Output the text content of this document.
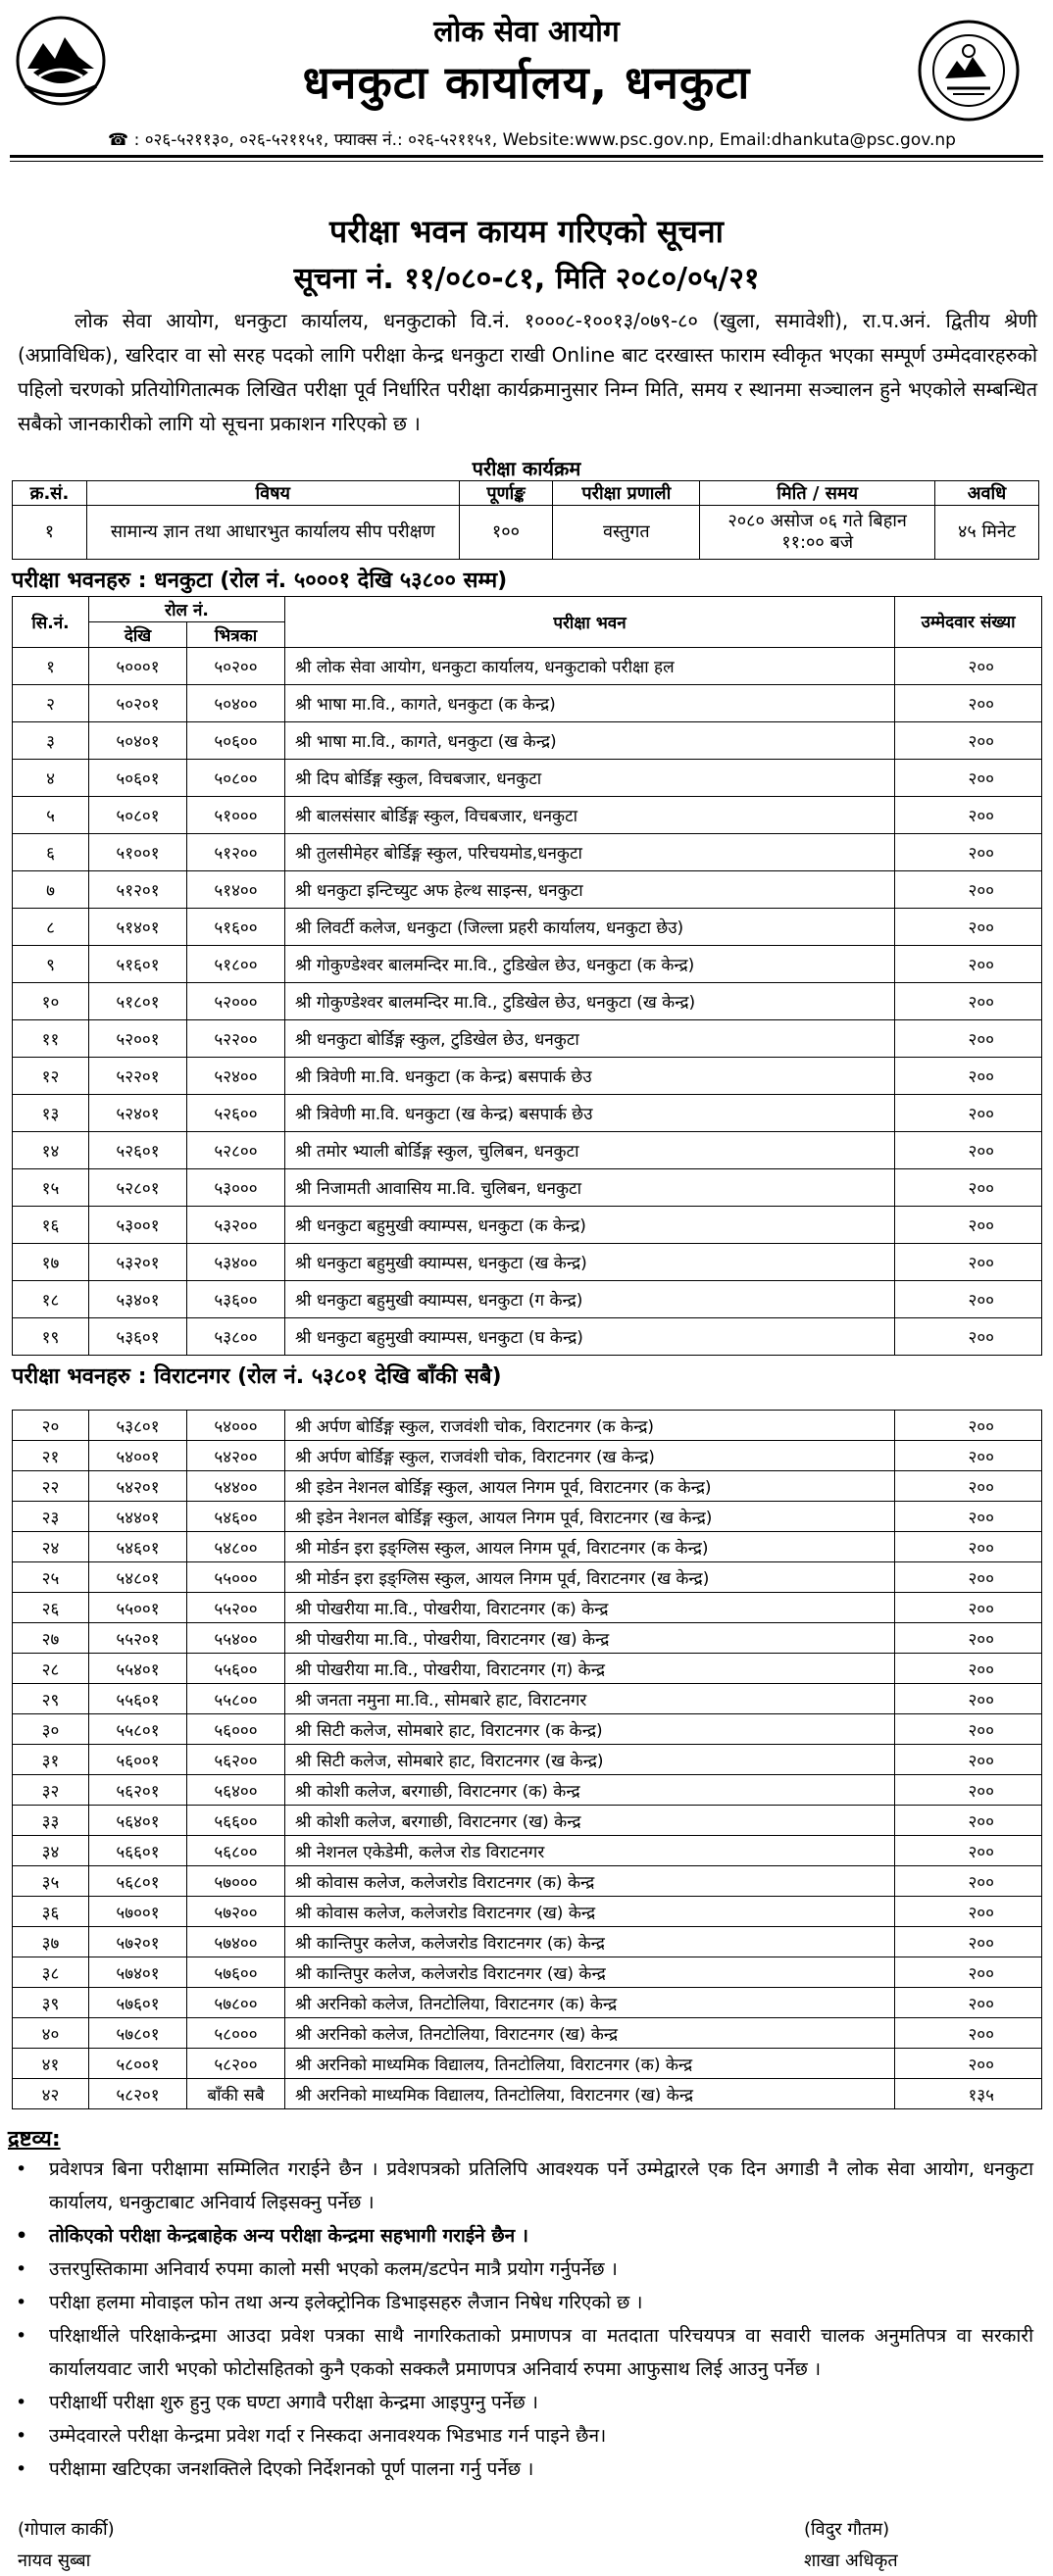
लोक सेवा आयोग
धनकुटा कार्यालय, धनकुटा
☎ : ०२६-५२११३०, ०२६-५२११५१, फ्याक्स नं.: ०२६-५२११५१, Website:www.psc.gov.np, Email:dhankuta@psc.gov.np
परीक्षा भवन कायम गरिएको सूचना
सूचना नं. ११/०८०-८१, मिति २०८०/०५/२१
लोक सेवा आयोग, धनकुटा कार्यालय, धनकुटाको वि.नं. १०००८-१००१३/०७९-८० (खुला, समावेशी), रा.प.अनं. द्वितीय श्रेणी (अप्राविधिक), खरिदार वा सो सरह पदको लागि परीक्षा केन्द्र धनकुटा राखी Online बाट दरखास्त फाराम स्वीकृत भएका सम्पूर्ण उम्मेदवारहरुको पहिलो चरणको प्रतियोगितात्मक लिखित परीक्षा पूर्व निर्धारित परीक्षा कार्यक्रमानुसार निम्न मिति, समय र स्थानमा सञ्चालन हुने भएकोले सम्बन्धित सबैको जानकारीको लागि यो सूचना प्रकाशन गरिएको छ ।
परीक्षा कार्यक्रम
क्र.सं.	विषय	पूर्णाङ्क	परीक्षा प्रणाली	मिति / समय	अवधि
१	सामान्य ज्ञान तथा आधारभुत कार्यालय सीप परीक्षण	१००	वस्तुगत	२०८० असोज ०६ गते बिहान ११:०० बजे	४५ मिनेट
परीक्षा भवनहरु : धनकुटा (रोल नं. ५०००१ देखि ५३८०० सम्म)
सि.नं.	रोल नं.		परीक्षा भवन	उम्मेदवार संख्या
	देखि	भित्रका		
१	५०००१	५०२००	श्री लोक सेवा आयोग, धनकुटा कार्यालय, धनकुटाको परीक्षा हल	२००
२	५०२०१	५०४००	श्री भाषा मा.वि., कागते, धनकुटा (क केन्द्र)	२००
३	५०४०१	५०६००	श्री भाषा मा.वि., कागते, धनकुटा (ख केन्द्र)	२००
४	५०६०१	५०८००	श्री दिप बोर्डिङ्ग स्कुल, विचबजार, धनकुटा	२००
५	५०८०१	५१०००	श्री बालसंसार बोर्डिङ्ग स्कुल, विचबजार, धनकुटा	२००
६	५१००१	५१२००	श्री तुलसीमेहर बोर्डिङ्ग स्कुल, परिचयमोड,धनकुटा	२००
७	५१२०१	५१४००	श्री धनकुटा इन्टिच्युट अफ हेल्थ साइन्स, धनकुटा	२००
८	५१४०१	५१६००	श्री लिवर्टी कलेज, धनकुटा (जिल्ला प्रहरी कार्यालय, धनकुटा छेउ)	२००
९	५१६०१	५१८००	श्री गोकुण्डेश्वर बालमन्दिर मा.वि., टुडिखेल छेउ, धनकुटा (क केन्द्र)	२००
१०	५१८०१	५२०००	श्री गोकुण्डेश्वर बालमन्दिर मा.वि., टुडिखेल छेउ, धनकुटा (ख केन्द्र)	२००
११	५२००१	५२२००	श्री धनकुटा बोर्डिङ्ग स्कुल, टुडिखेल छेउ, धनकुटा	२००
१२	५२२०१	५२४००	श्री त्रिवेणी मा.वि. धनकुटा (क केन्द्र) बसपार्क छेउ	२००
१३	५२४०१	५२६००	श्री त्रिवेणी मा.वि. धनकुटा (ख केन्द्र) बसपार्क छेउ	२००
१४	५२६०१	५२८००	श्री तमोर भ्याली बोर्डिङ्ग स्कुल, चुलिबन, धनकुटा	२००
१५	५२८०१	५३०००	श्री निजामती आवासिय मा.वि. चुलिबन, धनकुटा	२००
१६	५३००१	५३२००	श्री धनकुटा बहुमुखी क्याम्पस, धनकुटा (क केन्द्र)	२००
१७	५३२०१	५३४००	श्री धनकुटा बहुमुखी क्याम्पस, धनकुटा (ख केन्द्र)	२००
१८	५३४०१	५३६००	श्री धनकुटा बहुमुखी क्याम्पस, धनकुटा (ग केन्द्र)	२००
१९	५३६०१	५३८००	श्री धनकुटा बहुमुखी क्याम्पस, धनकुटा (घ केन्द्र)	२००
परीक्षा भवनहरु : विराटनगर (रोल नं. ५३८०१ देखि बाँकी सबै)
२०	५३८०१	५४०००	श्री अर्पण बोर्डिङ्ग स्कुल, राजवंशी चोक, विराटनगर (क केन्द्र)	२००
२१	५४००१	५४२००	श्री अर्पण बोर्डिङ्ग स्कुल, राजवंशी चोक, विराटनगर (ख केन्द्र)	२००
२२	५४२०१	५४४००	श्री इडेन नेशनल बोर्डिङ्ग स्कुल, आयल निगम पूर्व, विराटनगर (क केन्द्र)	२००
२३	५४४०१	५४६००	श्री इडेन नेशनल बोर्डिङ्ग स्कुल, आयल निगम पूर्व, विराटनगर (ख केन्द्र)	२००
२४	५४६०१	५४८००	श्री मोर्डन इरा इङ्ग्लिस स्कुल, आयल निगम पूर्व, विराटनगर (क केन्द्र)	२००
२५	५४८०१	५५०००	श्री मोर्डन इरा इङ्ग्लिस स्कुल, आयल निगम पूर्व, विराटनगर (ख केन्द्र)	२००
२६	५५००१	५५२००	श्री पोखरीया मा.वि., पोखरीया, विराटनगर (क) केन्द्र	२००
२७	५५२०१	५५४००	श्री पोखरीया मा.वि., पोखरीया, विराटनगर (ख) केन्द्र	२००
२८	५५४०१	५५६००	श्री पोखरीया मा.वि., पोखरीया, विराटनगर (ग) केन्द्र	२००
२९	५५६०१	५५८००	श्री जनता नमुना मा.वि., सोमबारे हाट, विराटनगर	२००
३०	५५८०१	५६०००	श्री सिटी कलेज, सोमबारे हाट, विराटनगर (क केन्द्र)	२००
३१	५६००१	५६२००	श्री सिटी कलेज, सोमबारे हाट, विराटनगर (ख केन्द्र)	२००
३२	५६२०१	५६४००	श्री कोशी कलेज, बरगाछी, विराटनगर (क) केन्द्र	२००
३३	५६४०१	५६६००	श्री कोशी कलेज, बरगाछी, विराटनगर (ख) केन्द्र	२००
३४	५६६०१	५६८००	श्री नेशनल एकेडेमी, कलेज रोड विराटनगर	२००
३५	५६८०१	५७०००	श्री कोवास कलेज, कलेजरोड विराटनगर (क) केन्द्र	२००
३६	५७००१	५७२००	श्री कोवास कलेज, कलेजरोड विराटनगर (ख) केन्द्र	२००
३७	५७२०१	५७४००	श्री कान्तिपुर कलेज, कलेजरोड विराटनगर (क) केन्द्र	२००
३८	५७४०१	५७६००	श्री कान्तिपुर कलेज, कलेजरोड विराटनगर (ख) केन्द्र	२००
३९	५७६०१	५७८००	श्री अरनिको कलेज, तिनटोलिया, विराटनगर (क) केन्द्र	२००
४०	५७८०१	५८०००	श्री अरनिको कलेज, तिनटोलिया, विराटनगर (ख) केन्द्र	२००
४१	५८००१	५८२००	श्री अरनिको माध्यमिक विद्यालय, तिनटोलिया, विराटनगर (क) केन्द्र	२००
४२	५८२०१	बाँकी सबै	श्री अरनिको माध्यमिक विद्यालय, तिनटोलिया, विराटनगर (ख) केन्द्र	१३५
द्रष्टव्य:
• प्रवेशपत्र बिना परीक्षामा सम्मिलित गराईने छैन । प्रवेशपत्रको प्रतिलिपि आवश्यक पर्ने उम्मेद्वारले एक दिन अगाडी नै लोक सेवा आयोग, धनकुटा कार्यालय, धनकुटाबाट अनिवार्य लिइसक्नु पर्नेछ ।
• तोकिएको परीक्षा केन्द्रबाहेक अन्य परीक्षा केन्द्रमा सहभागी गराईने छैन ।
• उत्तरपुस्तिकामा अनिवार्य रुपमा कालो मसी भएको कलम/डटपेन मात्रै प्रयोग गर्नुपर्नेछ ।
• परीक्षा हलमा मोवाइल फोन तथा अन्य इलेक्ट्रोनिक डिभाइसहरु लैजान निषेध गरिएको छ ।
• परिक्षार्थीले परिक्षाकेन्द्रमा आउदा प्रवेश पत्रका साथै नागरिकताको प्रमाणपत्र वा मतदाता परिचयपत्र वा सवारी चालक अनुमतिपत्र वा सरकारी कार्यालयवाट जारी भएको फोटोसहितको कुनै एकको सक्कलै प्रमाणपत्र अनिवार्य रुपमा आफुसाथ लिई आउनु पर्नेछ ।
• परीक्षार्थी परीक्षा शुरु हुनु एक घण्टा अगावै परीक्षा केन्द्रमा आइपुग्नु पर्नेछ ।
• उम्मेदवारले परीक्षा केन्द्रमा प्रवेश गर्दा र निस्कदा अनावश्यक भिडभाड गर्न पाइने छैन।
• परीक्षामा खटिएका जनशक्तिले दिएको निर्देशनको पूर्ण पालना गर्नु पर्नेछ ।
(गोपाल कार्की)
नायव सुब्बा
(विदुर गौतम)
शाखा अधिकृत
